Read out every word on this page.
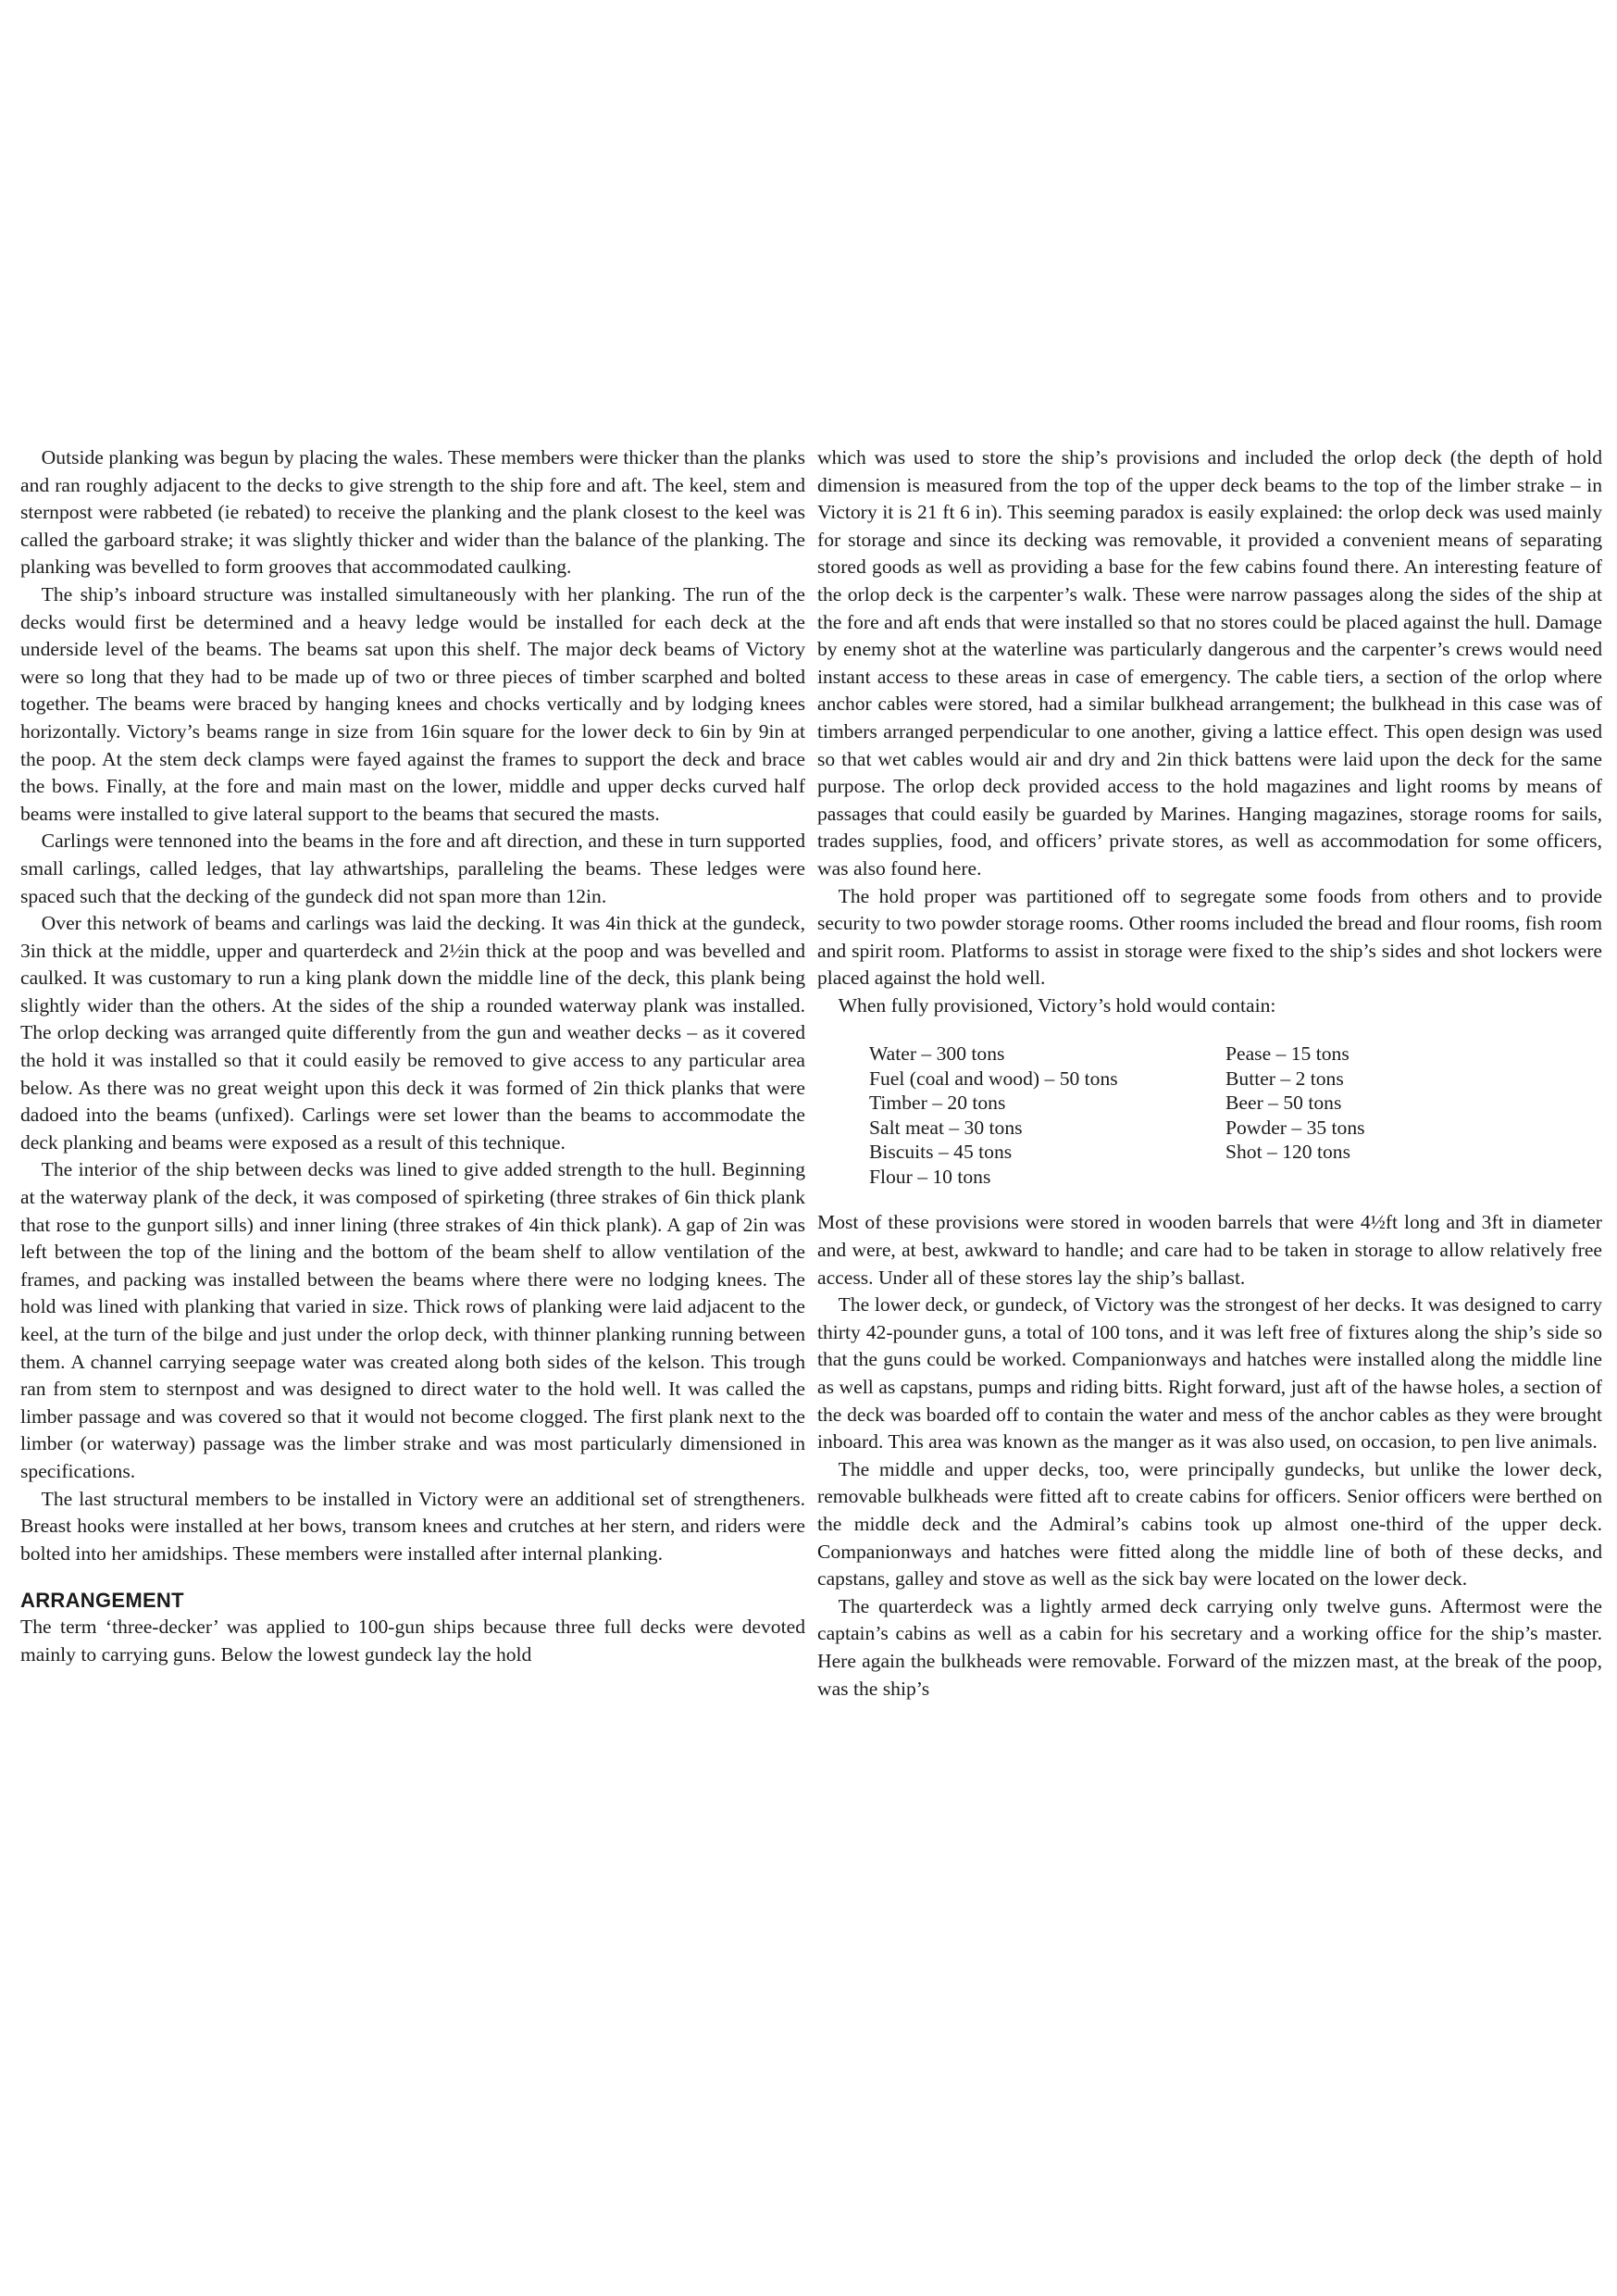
Outside planking was begun by placing the wales. These members were thicker than the planks and ran roughly adjacent to the decks to give strength to the ship fore and aft. The keel, stem and sternpost were rabbeted (ie rebated) to receive the planking and the plank closest to the keel was called the garboard strake; it was slightly thicker and wider than the balance of the planking. The planking was bevelled to form grooves that accommodated caulking.

The ship’s inboard structure was installed simultaneously with her planking. The run of the decks would first be determined and a heavy ledge would be installed for each deck at the underside level of the beams. The beams sat upon this shelf. The major deck beams of Victory were so long that they had to be made up of two or three pieces of timber scarphed and bolted together. The beams were braced by hanging knees and chocks vertically and by lodging knees horizontally. Victory’s beams range in size from 16in square for the lower deck to 6in by 9in at the poop. At the stem deck clamps were fayed against the frames to support the deck and brace the bows. Finally, at the fore and main mast on the lower, middle and upper decks curved half beams were installed to give lateral support to the beams that secured the masts.

Carlings were tennoned into the beams in the fore and aft direction, and these in turn supported small carlings, called ledges, that lay athwartships, paralleling the beams. These ledges were spaced such that the decking of the gundeck did not span more than 12in.

Over this network of beams and carlings was laid the decking. It was 4in thick at the gundeck, 3in thick at the middle, upper and quarterdeck and 2½in thick at the poop and was bevelled and caulked. It was customary to run a king plank down the middle line of the deck, this plank being slightly wider than the others. At the sides of the ship a rounded waterway plank was installed. The orlop decking was arranged quite differently from the gun and weather decks – as it covered the hold it was installed so that it could easily be removed to give access to any particular area below. As there was no great weight upon this deck it was formed of 2in thick planks that were dadoed into the beams (unfixed). Carlings were set lower than the beams to accommodate the deck planking and beams were exposed as a result of this technique.

The interior of the ship between decks was lined to give added strength to the hull. Beginning at the waterway plank of the deck, it was composed of spirketing (three strakes of 6in thick plank that rose to the gunport sills) and inner lining (three strakes of 4in thick plank). A gap of 2in was left between the top of the lining and the bottom of the beam shelf to allow ventilation of the frames, and packing was installed between the beams where there were no lodging knees. The hold was lined with planking that varied in size. Thick rows of planking were laid adjacent to the keel, at the turn of the bilge and just under the orlop deck, with thinner planking running between them. A channel carrying seepage water was created along both sides of the kelson. This trough ran from stem to sternpost and was designed to direct water to the hold well. It was called the limber passage and was covered so that it would not become clogged. The first plank next to the limber (or waterway) passage was the limber strake and was most particularly dimensioned in specifications.

The last structural members to be installed in Victory were an additional set of strengtheners. Breast hooks were installed at her bows, transom knees and crutches at her stern, and riders were bolted into her amidships. These members were installed after internal planking.

ARRANGEMENT

The term ‘three-decker’ was applied to 100-gun ships because three full decks were devoted mainly to carrying guns. Below the lowest gundeck lay the hold

which was used to store the ship’s provisions and included the orlop deck (the depth of hold dimension is measured from the top of the upper deck beams to the top of the limber strake – in Victory it is 21 ft 6 in). This seeming paradox is easily explained: the orlop deck was used mainly for storage and since its decking was removable, it provided a convenient means of separating stored goods as well as providing a base for the few cabins found there. An interesting feature of the orlop deck is the carpenter’s walk. These were narrow passages along the sides of the ship at the fore and aft ends that were installed so that no stores could be placed against the hull. Damage by enemy shot at the waterline was particularly dangerous and the carpenter’s crews would need instant access to these areas in case of emergency. The cable tiers, a section of the orlop where anchor cables were stored, had a similar bulkhead arrangement; the bulkhead in this case was of timbers arranged perpendicular to one another, giving a lattice effect. This open design was used so that wet cables would air and dry and 2in thick battens were laid upon the deck for the same purpose. The orlop deck provided access to the hold magazines and light rooms by means of passages that could easily be guarded by Marines. Hanging magazines, storage rooms for sails, trades supplies, food, and officers’ private stores, as well as accommodation for some officers, was also found here.

The hold proper was partitioned off to segregate some foods from others and to provide security to two powder storage rooms. Other rooms included the bread and flour rooms, fish room and spirit room. Platforms to assist in storage were fixed to the ship’s sides and shot lockers were placed against the hold well.

When fully provisioned, Victory’s hold would contain:

Water – 300 tons
Fuel (coal and wood) – 50 tons
Timber – 20 tons
Salt meat – 30 tons
Biscuits – 45 tons
Flour – 10 tons
Pease – 15 tons
Butter – 2 tons
Beer – 50 tons
Powder – 35 tons
Shot – 120 tons

Most of these provisions were stored in wooden barrels that were 4½ft long and 3ft in diameter and were, at best, awkward to handle; and care had to be taken in storage to allow relatively free access. Under all of these stores lay the ship’s ballast.

The lower deck, or gundeck, of Victory was the strongest of her decks. It was designed to carry thirty 42-pounder guns, a total of 100 tons, and it was left free of fixtures along the ship’s side so that the guns could be worked. Companionways and hatches were installed along the middle line as well as capstans, pumps and riding bitts. Right forward, just aft of the hawse holes, a section of the deck was boarded off to contain the water and mess of the anchor cables as they were brought inboard. This area was known as the manger as it was also used, on occasion, to pen live animals.

The middle and upper decks, too, were principally gundecks, but unlike the lower deck, removable bulkheads were fitted aft to create cabins for officers. Senior officers were berthed on the middle deck and the Admiral’s cabins took up almost one-third of the upper deck. Companionways and hatches were fitted along the middle line of both of these decks, and capstans, galley and stove as well as the sick bay were located on the lower deck.

The quarterdeck was a lightly armed deck carrying only twelve guns. Aftermost were the captain’s cabins as well as a cabin for his secretary and a working office for the ship’s master. Here again the bulkheads were removable. Forward of the mizzen mast, at the break of the poop, was the ship’s
